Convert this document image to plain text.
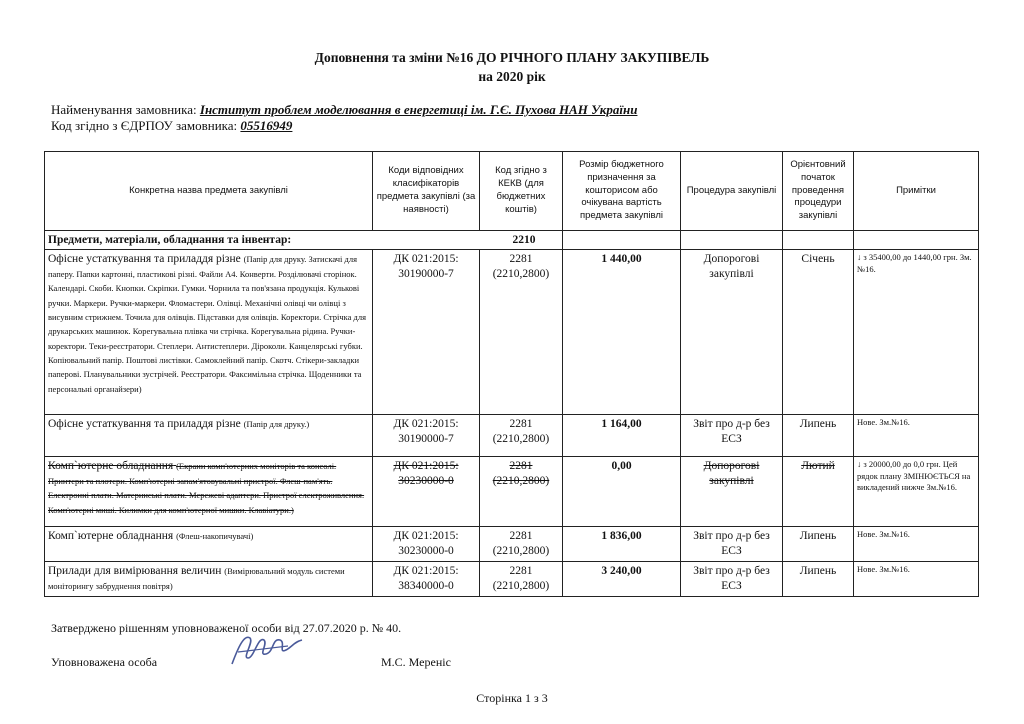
Доповнення та зміни №16 ДО РІЧНОГО ПЛАНУ ЗАКУПІВЕЛЬ
на 2020 рік
Найменування замовника: Інститут проблем моделювання в енергетиці ім. Г.Є. Пухова НАН України
Код згідно з ЄДРПОУ замовника: 05516949
Конкретна назва предмета закупівлі	Коди відповідних класифікаторів предмета закупівлі (за наявності)	Код згідно з КЕКВ (для бюджетних коштів)	Розмір бюджетного призначення за кошторисом або очікувана вартість предмета закупівлі	Процедура закупівлі	Орієнтовний початок проведення процедури закупівлі	Примітки
Предмети, матеріали, обладнання та інвентар: 2210						

Офісне устаткування та приладдя різне (Папір для друку. Затискачі для паперу. Папки картонні, пластикові різні. Файли А4. Конверти. Розділювачі сторінок. Календарі. Скоби. Кнопки. Скріпки. Гумки. Чорнила та пов'язана продукція. Кулькові ручки. Маркери. Ручки-маркери. Фломастери. Олівці. Механічні олівці чи олівці з висувним стрижнем. Точила для олівців. Підставки для олівців. Коректори. Стрічка для друкарських машинок. Корегувальна плівка чи стрічка. Корегувальна рідина. Ручки-коректори. Теки-реєстратори. Степлери. Антистеплери. Діроколи. Канцелярські губки. Копіювальний папір. Поштові листівки. Самоклейний папір. Скотч. Стікери-закладки паперові. Планувальники зустрічей. Реєстратори. Факсимільна стрічка. Щоденники та персональні органайзери)	ДК 021:2015: 30190000-7	2281 (2210,2800)	1 440,00	Допорогові закупівлі	Січень	↓ з 35400,00 до 1440,00 грн. Зм.№16.
Офісне устаткування та приладдя різне (Папір для друку.)	ДК 021:2015: 30190000-7	2281 (2210,2800)	1 164,00	Звіт про д-р без ЕСЗ	Липень	Нове. Зм.№16.
Комп`ютерне обладнання (Екрани комп'ютерних моніторів та консолі. Принтери та плотери. Комп'ютерні запам'ятовувальні пристрої. Флеш-пам'ять. Електронні плати. Материнські плати. Мережеві адаптери. Пристрої електроживлення. Комп'ютерні миші. Килимки для комп'ютерної мишки. Клавіатури.)	ДК 021:2015: 30230000-0	2281 (2210,2800)	0,00	Допорогові закупівлі	Лютий	↓ з 20000,00 до 0,0 грн. Цей рядок плану ЗМІНЮЄТЬСЯ на викладений нижче Зм.№16.
Комп`ютерне обладнання (Флеш-накопичувачі)	ДК 021:2015: 30230000-0	2281 (2210,2800)	1 836,00	Звіт про д-р без ЕСЗ	Липень	Нове. Зм.№16.
Прилади для вимірювання величин (Вимірювальний модуль системи моніторингу забруднення повітря)	ДК 021:2015: 38340000-0	2281 (2210,2800)	3 240,00	Звіт про д-р без ЕСЗ	Липень	Нове. Зм.№16.
Затверджено рішенням уповноваженої особи від 27.07.2020 р. № 40.
Уповноважена особа	М.С. Мереніс
Сторінка 1 з 3
